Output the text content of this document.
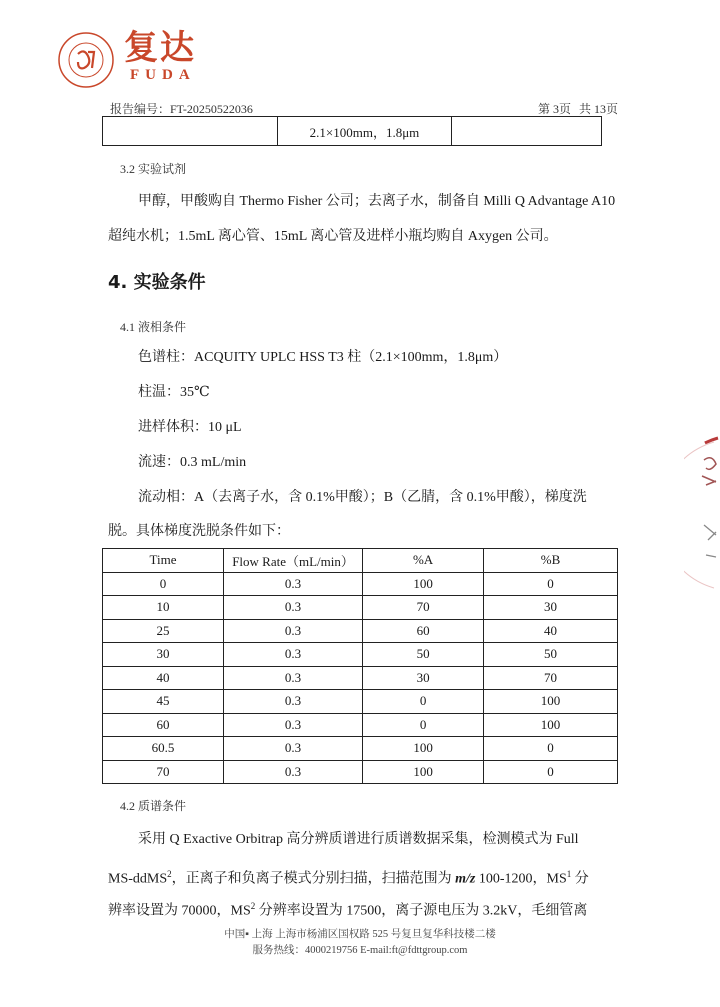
复达
FUDA
报告编号：FT-20250522036	第 3页 共 13页
	2.1×100mm，1.8μm	
3.2 实验试剂
甲醇，甲酸购自 Thermo Fisher 公司；去离子水，制备自 Milli Q Advantage A10
超纯水机；1.5mL 离心管、15mL 离心管及进样小瓶均购自 Axygen 公司。
4. 实验条件
4.1 液相条件
色谱柱：ACQUITY UPLC HSS T3 柱（2.1×100mm，1.8μm）
柱温：35℃
进样体积：10 μL
流速：0.3 mL/min
流动相：A（去离子水，含 0.1%甲酸）；B（乙腈，含 0.1%甲酸），梯度洗
脱。具体梯度洗脱条件如下：
Time	Flow Rate（mL/min）	%A	%B
0	0.3	100	0
10	0.3	70	30
25	0.3	60	40
30	0.3	50	50
40	0.3	30	70
45	0.3	0	100
60	0.3	0	100
60.5	0.3	100	0
70	0.3	100	0
4.2 质谱条件
采用 Q Exactive Orbitrap 高分辨质谱进行质谱数据采集，检测模式为 Full
MS-ddMS$^2$，正离子和负离子模式分别扫描，扫描范围为 m/z 100-1200，$MS^1$ 分
辨率设置为 70000，$MS^2$ 分辨率设置为 17500，离子源电压为 3.2kV，毛细管离
中国▪ 上海 上海市杨浦区国权路 525 号复旦复华科技楼二楼
服务热线：4000219756 E-mail:ft@fdttgroup.com
